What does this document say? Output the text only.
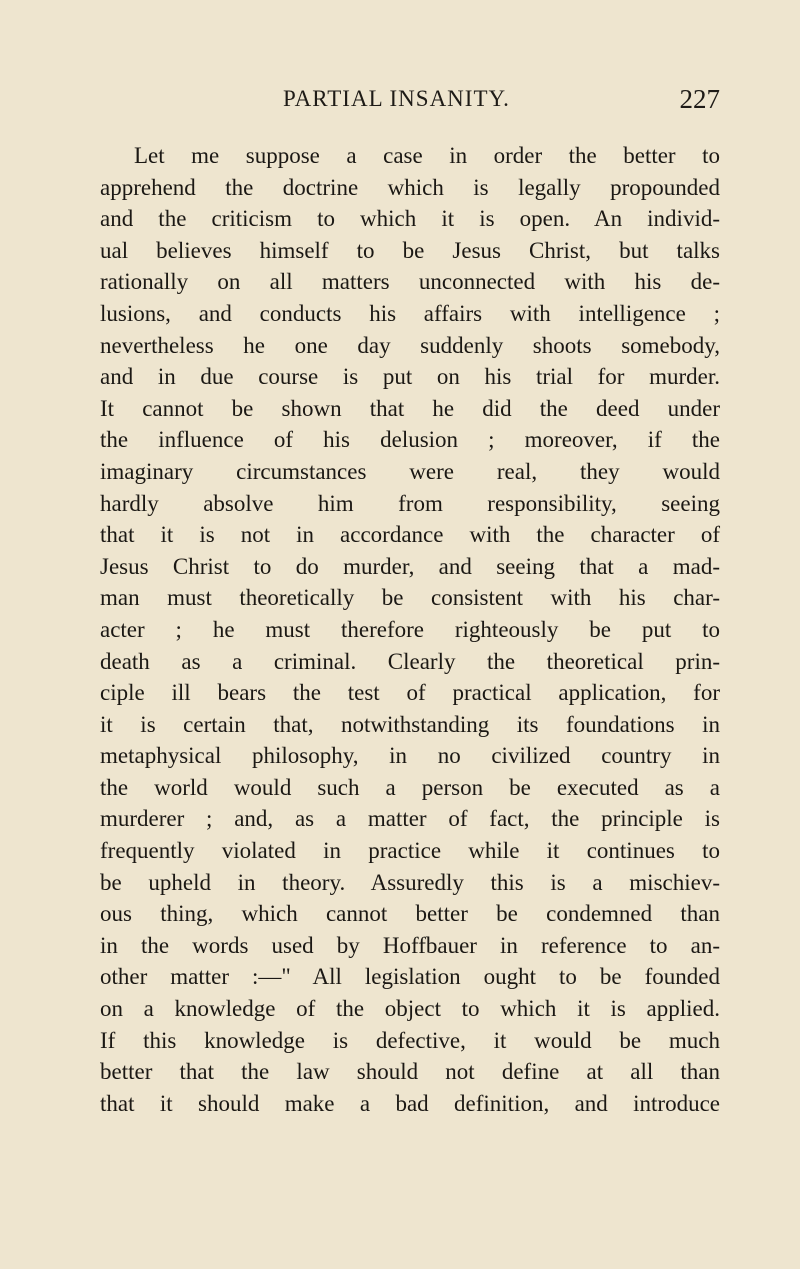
PARTIAL INSANITY.	227
Let me suppose a case in order the better to
apprehend the doctrine which is legally propounded
and the criticism to which it is open. An individ-
ual believes himself to be Jesus Christ, but talks
rationally on all matters unconnected with his de-
lusions, and conducts his affairs with intelligence ;
nevertheless he one day suddenly shoots somebody,
and in due course is put on his trial for murder.
It cannot be shown that he did the deed under
the influence of his delusion ; moreover, if the
imaginary circumstances were real, they would
hardly absolve him from responsibility, seeing
that it is not in accordance with the character of
Jesus Christ to do murder, and seeing that a mad-
man must theoretically be consistent with his char-
acter ; he must therefore righteously be put to
death as a criminal. Clearly the theoretical prin-
ciple ill bears the test of practical application, for
it is certain that, notwithstanding its foundations in
metaphysical philosophy, in no civilized country in
the world would such a person be executed as a
murderer ; and, as a matter of fact, the principle is
frequently violated in practice while it continues to
be upheld in theory. Assuredly this is a mischiev-
ous thing, which cannot better be condemned than
in the words used by Hoffbauer in reference to an-
other matter :—" All legislation ought to be founded
on a knowledge of the object to which it is applied.
If this knowledge is defective, it would be much
better that the law should not define at all than
that it should make a bad definition, and introduce
